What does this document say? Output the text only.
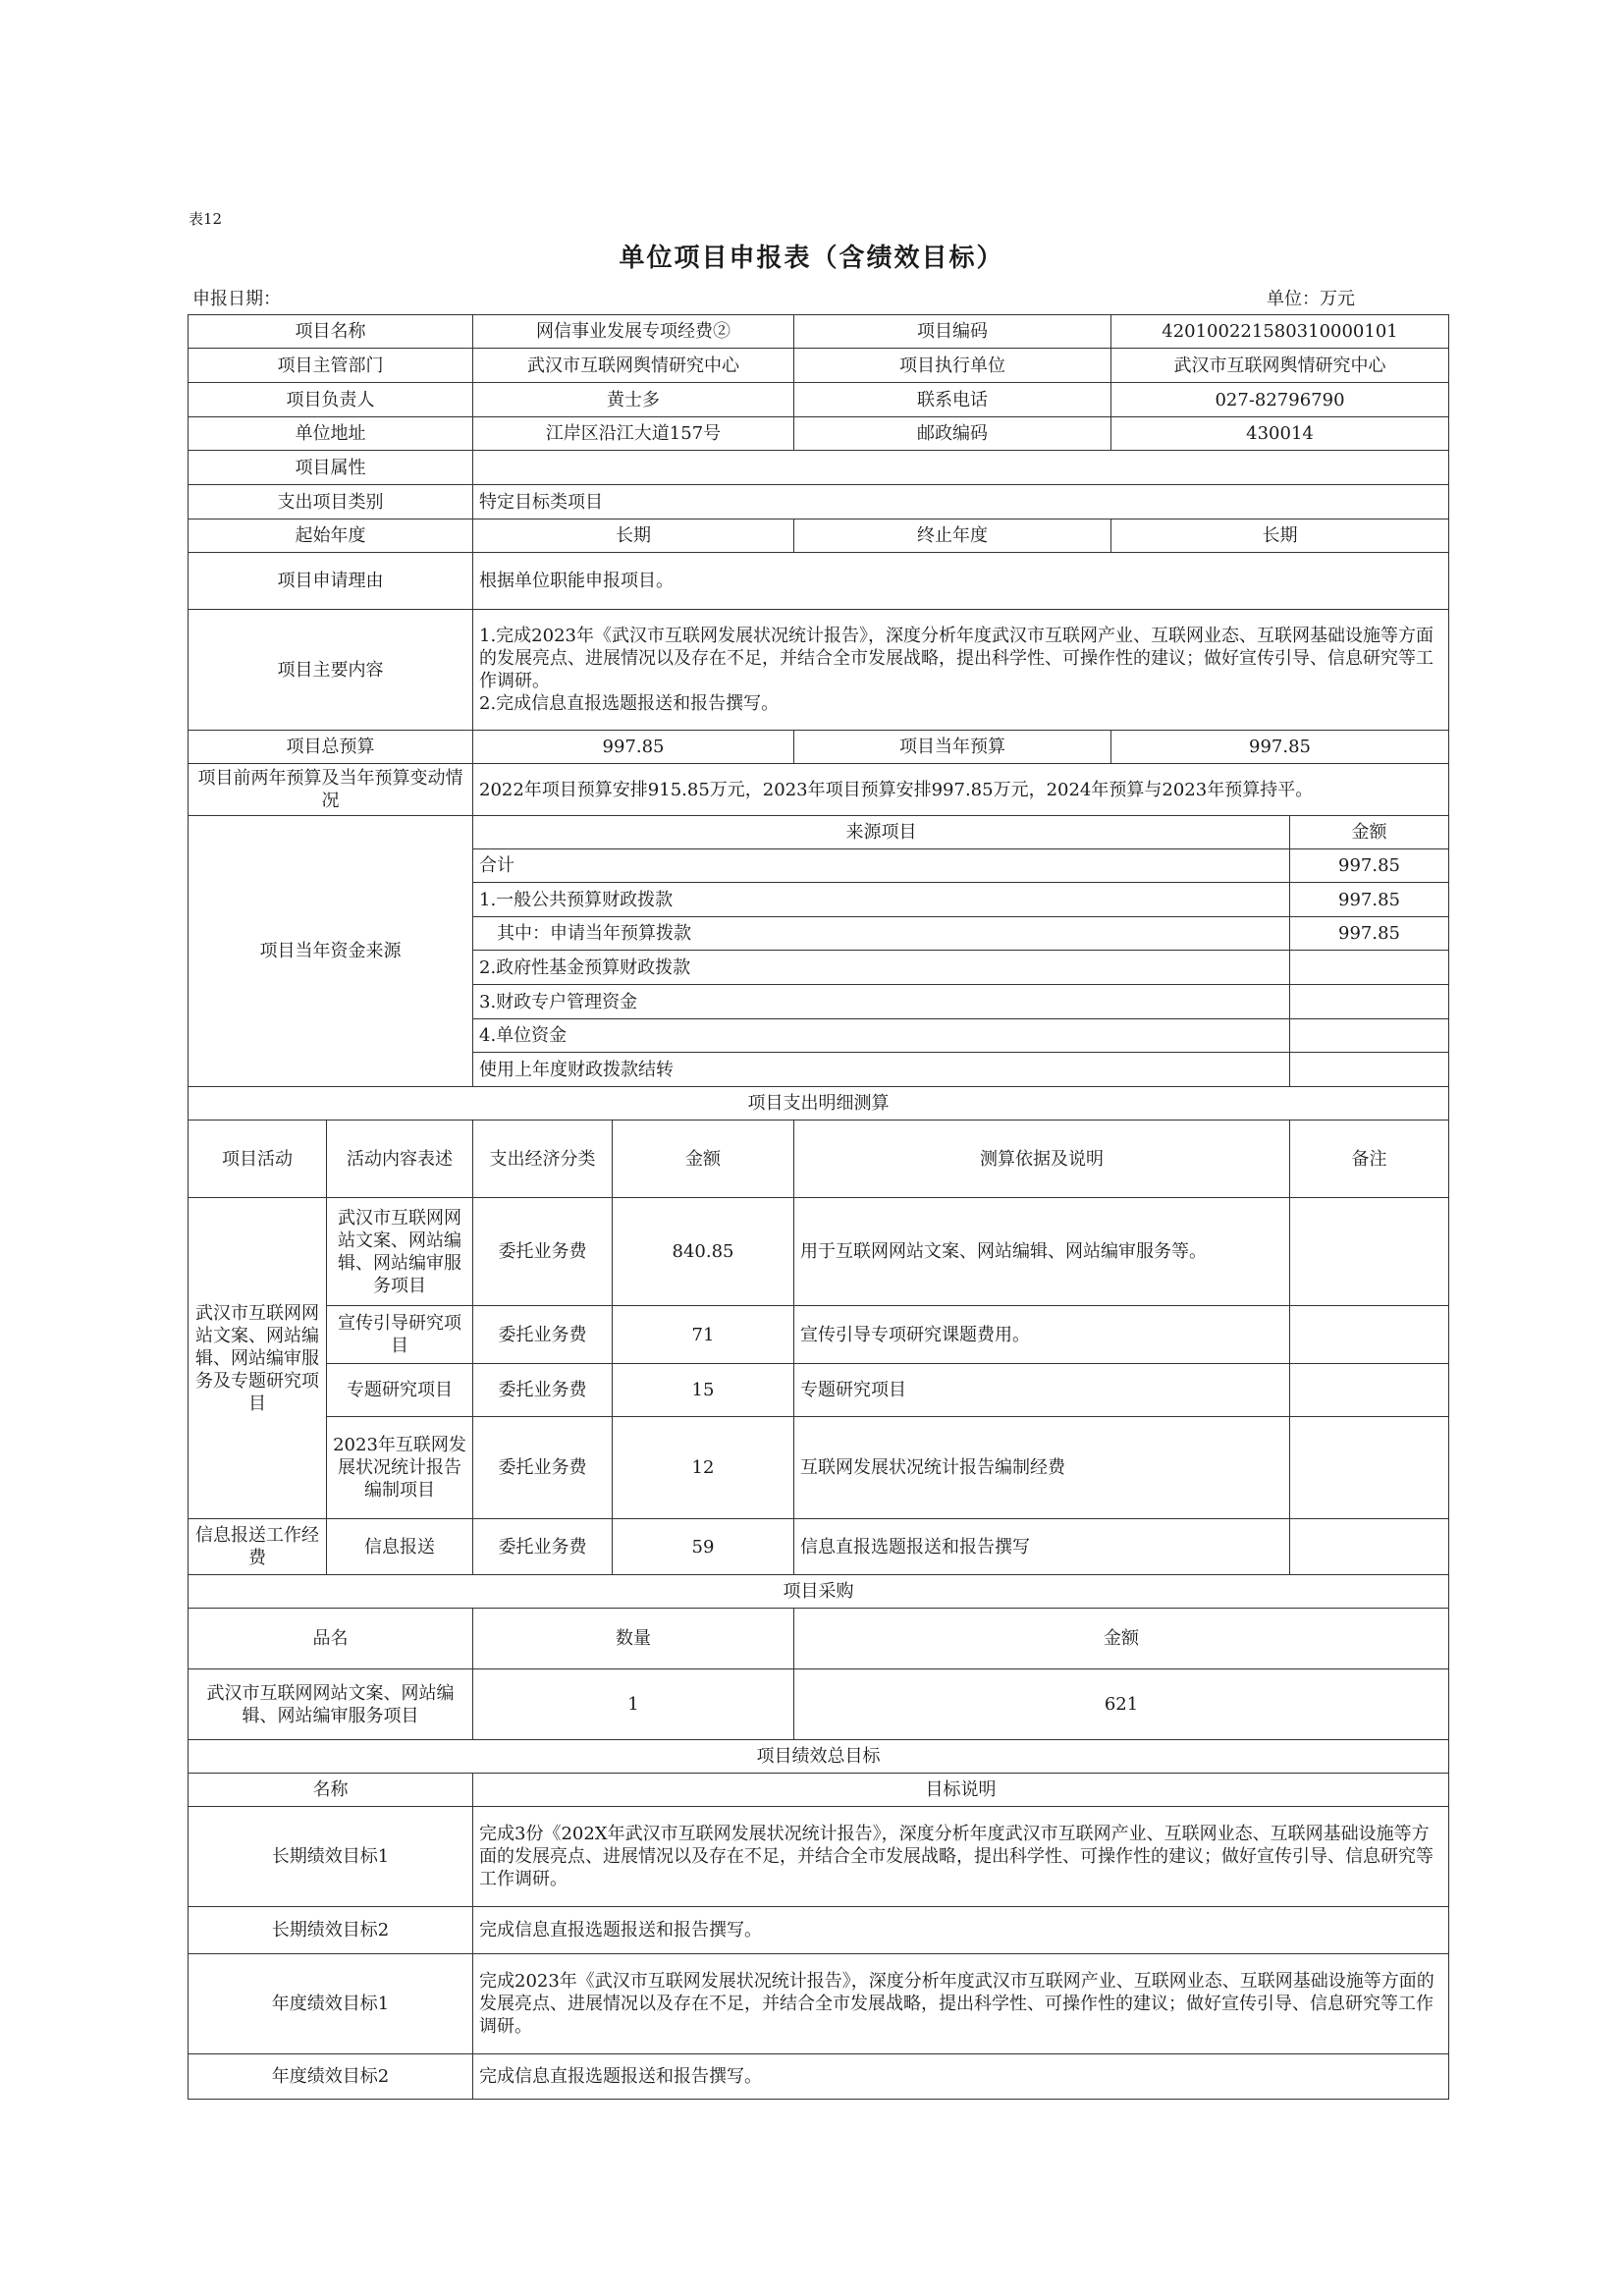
表12
单位项目申报表（含绩效目标）
申报日期：	单位：万元
项目名称		网信事业发展专项经费②		项目编码	420100221580310000101	
项目主管部门		武汉市互联网舆情研究中心		项目执行单位	武汉市互联网舆情研究中心	
项目负责人		黄士多		联系电话	027-82796790	
单位地址		江岸区沿江大道157号		邮政编码	430014	
项目属性						
支出项目类别		特定目标类项目				
起始年度		长期		终止年度	长期	
项目申请理由		根据单位职能申报项目。				
项目主要内容		1.完成2023年《武汉市互联网发展状况统计报告》，深度分析年度武汉市互联网产业、互联网业态、互联网基础设施等方面的发展亮点、进展情况以及存在不足，并结合全市发展战略，提出科学性、可操作性的建议；做好宣传引导、信息研究等工作调研。
2.完成信息直报选题报送和报告撰写。				

项目总预算		997.85		项目当年预算	997.85	
项目前两年预算及当年预算变动情况		2022年项目预算安排915.85万元，2023年项目预算安排997.85万元，2024年预算与2023年预算持平。				
项目当年资金来源		来源项目				金额
		合计				997.85
		1.一般公共预算财政拨款				997.85
		其中：申请当年预算拨款				997.85
		2.政府性基金预算财政拨款				
		3.财政专户管理资金				
		4.单位资金				
		使用上年度财政拨款结转				
项目支出明细测算						
项目活动	活动内容表述	支出经济分类	金额	测算依据及说明		备注
武汉市互联网网站文案、网站编辑、网站编审服务及专题研究项目	武汉市互联网网站文案、网站编辑、网站编审服务项目	委托业务费	840.85	用于互联网网站文案、网站编辑、网站编审服务等。		
	宣传引导研究项目	委托业务费	71	宣传引导专项研究课题费用。		
	专题研究项目	委托业务费	15	专题研究项目		
	2023年互联网发展状况统计报告编制项目	委托业务费	12	互联网发展状况统计报告编制经费		
信息报送工作经费	信息报送	委托业务费	59	信息直报选题报送和报告撰写		
项目采购						
品名		数量		金额		
武汉市互联网网站文案、网站编辑、网站编审服务项目		1		621		
项目绩效总目标						
名称		目标说明				
长期绩效目标1		完成3份《202X年武汉市互联网发展状况统计报告》，深度分析年度武汉市互联网产业、互联网业态、互联网基础设施等方面的发展亮点、进展情况以及存在不足，并结合全市发展战略，提出科学性、可操作性的建议；做好宣传引导、信息研究等工作调研。				
长期绩效目标2		完成信息直报选题报送和报告撰写。				
年度绩效目标1		完成2023年《武汉市互联网发展状况统计报告》，深度分析年度武汉市互联网产业、互联网业态、互联网基础设施等方面的发展亮点、进展情况以及存在不足，并结合全市发展战略，提出科学性、可操作性的建议；做好宣传引导、信息研究等工作调研。				
年度绩效目标2		完成信息直报选题报送和报告撰写。				
